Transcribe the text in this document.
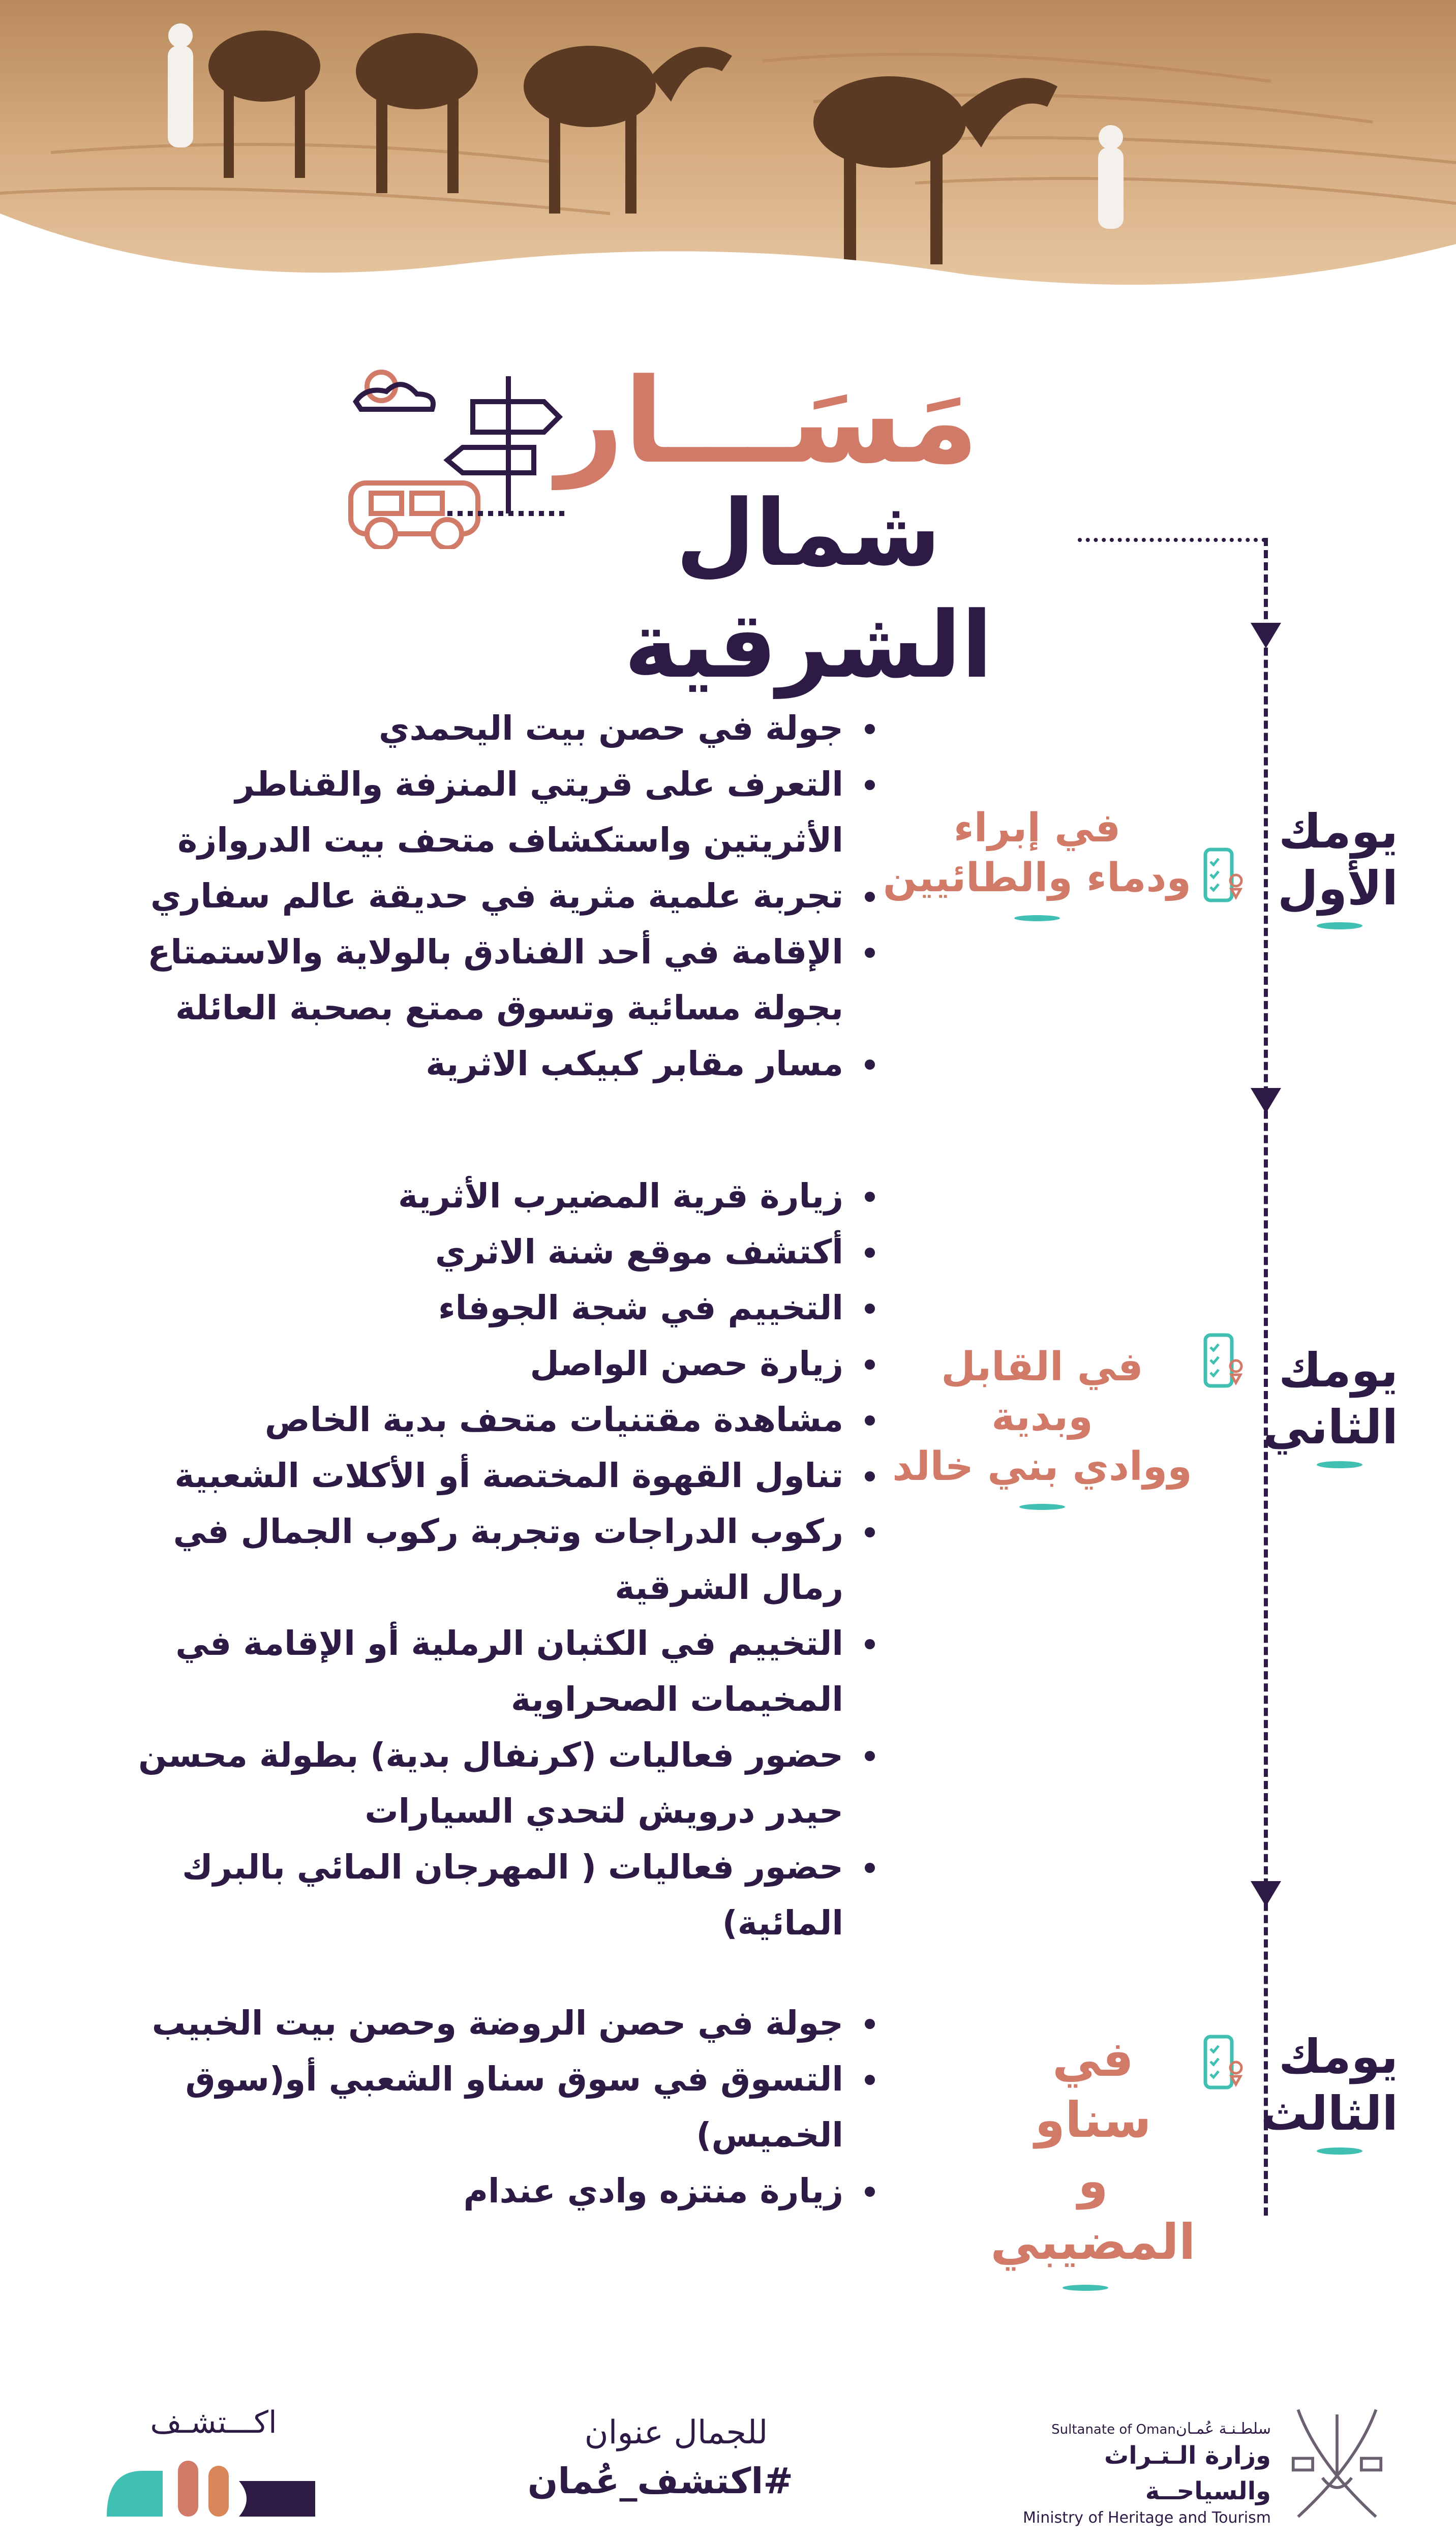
مَسَـــار
شمال الشرقية
يومك
الأول
في إبراء
ودماء والطائيين
جولة في حصن بيت اليحمدي
التعرف على قريتي المنزفة والقناطر الأثريتين واستكشاف متحف بيت الدروازة
تجربة علمية مثرية في حديقة عالم سفاري
الإقامة في أحد الفنادق بالولاية والاستمتاع بجولة مسائية وتسوق ممتع بصحبة العائلة
مسار مقابر كبيكب الاثرية
يومك
الثاني
في القابل وبدية
ووادي بني خالد
زيارة قرية المضيرب الأثرية
أكتشف موقع شنة الاثري
التخييم في شجة الجوفاء
زيارة حصن الواصل
مشاهدة مقتنيات متحف بدية الخاص
تناول القهوة المختصة أو الأكلات الشعبية
ركوب الدراجات وتجربة ركوب الجمال في رمال الشرقية
التخييم في الكثبان الرملية أو الإقامة في المخيمات الصحراوية
حضور فعاليات (كرنفال بدية) بطولة محسن حيدر درويش لتحدي السيارات
حضور فعاليات ( المهرجان المائي بالبرك المائية)
يومك
الثالث
في سناو
و المضيبي
جولة في حصن الروضة وحصن بيت الخبيب
التسوق في سوق سناو الشعبي أو(سوق الخميس)
زيارة منتزه وادي عندام
اكـــتشـف	للجمال عنوان
#اكتشف_عُمان
سلطـنـة عُمـانSultanate of Oman
وزارة الـتـراث والسياحــة
Ministry of Heritage and Tourism
